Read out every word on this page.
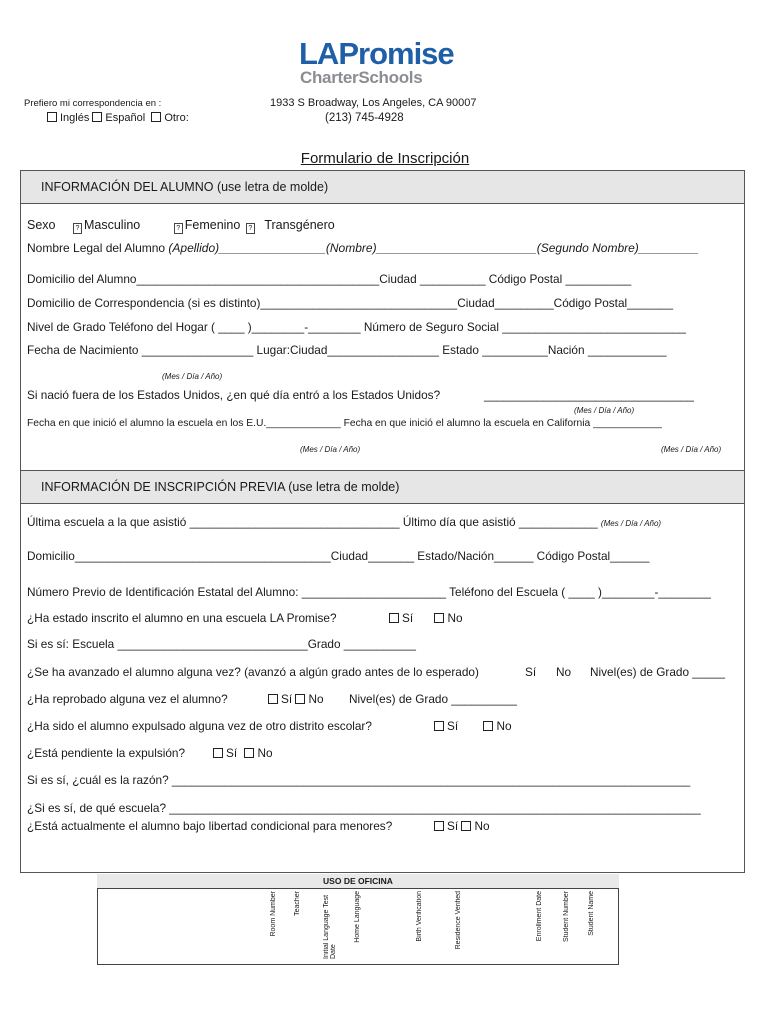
LAPromise
CharterSchools
Prefiero mi correspondencia en :
Inglés Español Otro:
1933 S Broadway, Los Angeles, CA 90007
(213) 745-4928
Formulario de Inscripción
INFORMACIÓN DEL ALUMNO (use letra de molde)
Sexo	? Masculino	? Femenino ? Transgénero
Nombre Legal del Alumno (Apellido)________________(Nombre)________________________(Segundo Nombre)_________
Domicilio del Alumno_____________________________________Ciudad __________ Código Postal __________
Domicilio de Correspondencia (si es distinto)______________________________Ciudad_________Código Postal_______
Nivel de Grado Teléfono del Hogar ( ____ )________-________ Número de Seguro Social ____________________________
Fecha de Nacimiento _________________ Lugar:Ciudad_________________ Estado __________Nación ____________
(Mes / Día / Año)
Si nació fuera de los Estados Unidos, ¿en qué día entró a los Estados Unidos?	________________________________
(Mes / Día / Año)
Fecha en que inició el alumno la escuela en los E.U._____________ Fecha en que inició el alumno la escuela en California ____________
(Mes / Día / Año)	(Mes / Día / Año)
INFORMACIÓN DE INSCRIPCIÓN PREVIA (use letra de molde)
Última escuela a la que asistió ________________________________ Último día que asistió ____________ (Mes / Día / Año)
Domicilio_______________________________________Ciudad_______ Estado/Nación______ Código Postal______
Número Previo de Identificación Estatal del Alumno: ______________________ Teléfono del Escuela ( ____ )________-________
¿Ha estado inscrito el alumno en una escuela LA Promise?	Sí	No
Si es sí: Escuela _____________________________Grado ___________
¿Se ha avanzado el alumno alguna vez? (avanzó a algún grado antes de lo esperado)	Sí No Nivel(es) de Grado _____
¿Ha reprobado alguna vez el alumno?	Sí No Nivel(es) de Grado __________
¿Ha sido el alumno expulsado alguna vez de otro distrito escolar?	Sí	No
¿Está pendiente la expulsión?	Sí No
Si es sí, ¿cuál es la razón? _______________________________________________________________________________
¿Si es sí, de qué escuela? _________________________________________________________________________________
¿Está actualmente el alumno bajo libertad condicional para menores?	Sí No
USO DE OFICINA
Room Number Teacher	Initial Language Test Date
Home Language	Birth Verification	Residence Verified	Enrollment Date	Student Number	Student Name
